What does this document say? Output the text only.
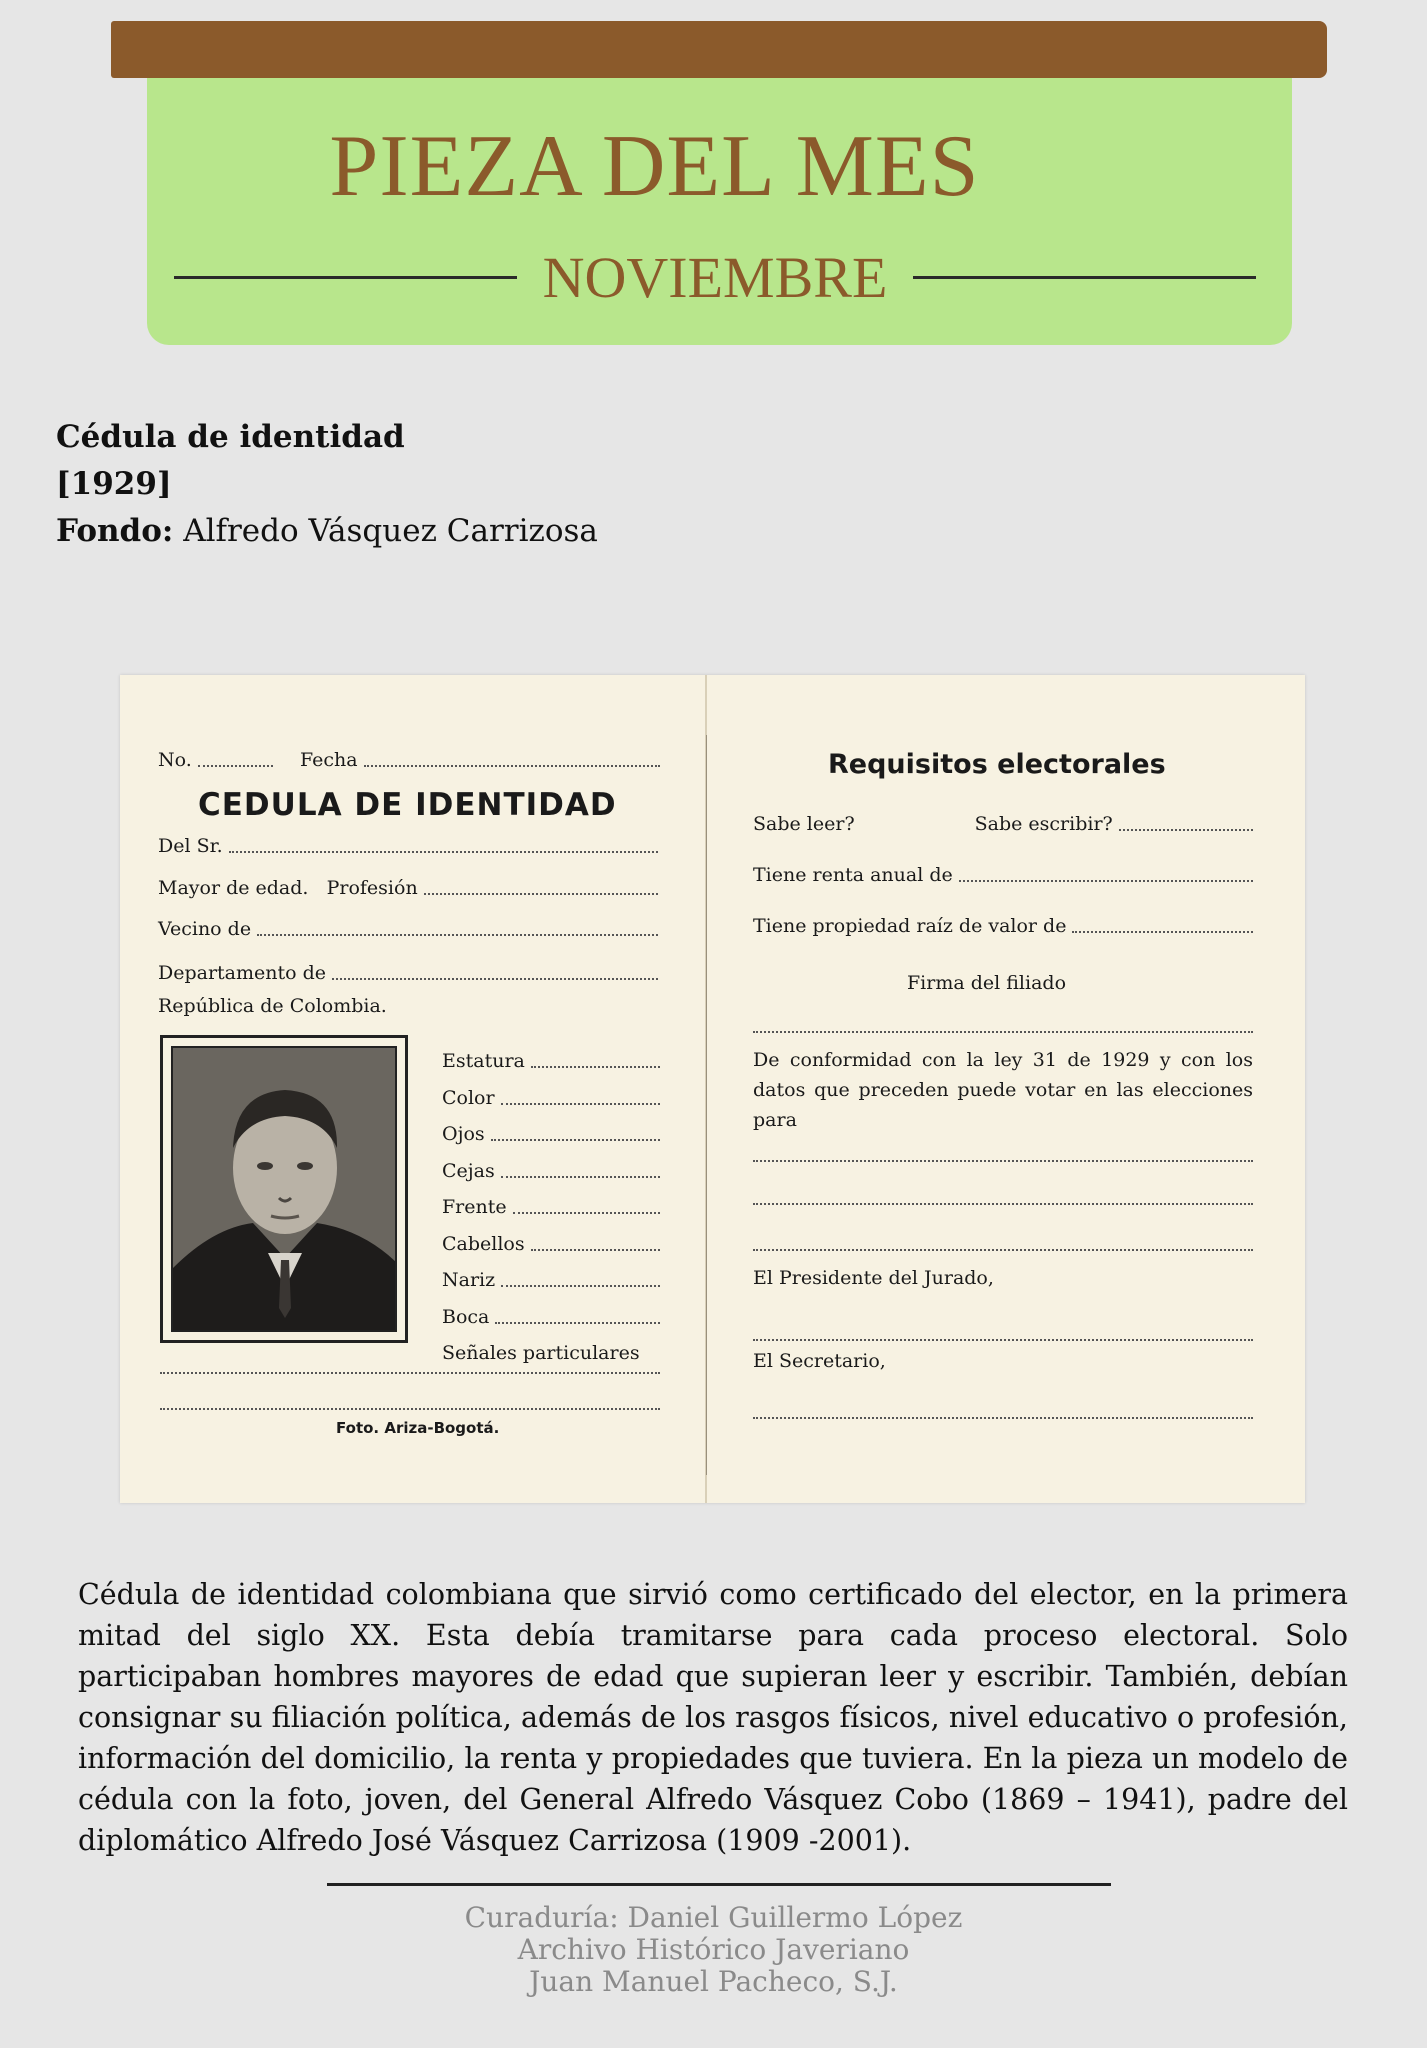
PIEZA DEL MES
NOVIEMBRE
Cédula de identidad
[1929]
Fondo: Alfredo Vásquez Carrizosa
No.	Fecha
CEDULA DE IDENTIDAD
Del Sr.
Mayor de edad.
Profesión
Vecino de
Departamento de
República de Colombia.
Estatura
Color
Ojos
Cejas
Frente
Cabellos
Nariz
Boca
Señales particulares
Foto. Ariza-Bogotá.
Requisitos electorales
Sabe leer?	Sabe escribir?
Tiene renta anual de
Tiene propiedad raíz de valor de
Firma del filiado
De conformidad con la ley 31 de 1929 y con los datos que preceden puede votar en las elecciones para
El Presidente del Jurado,
El Secretario,
Cédula de identidad colombiana que sirvió como certificado del elector, en la primera mitad del siglo XX. Esta debía tramitarse para cada proceso electoral. Solo participaban hombres mayores de edad que supieran leer y escribir. También, debían consignar su filiación política, además de los rasgos físicos, nivel educativo o profesión, información del domicilio, la renta y propiedades que tuviera. En la pieza un modelo de cédula con la foto, joven, del General Alfredo Vásquez Cobo (1869 – 1941), padre del diplomático Alfredo José Vásquez Carrizosa (1909 -2001).
Curaduría: Daniel Guillermo López
Archivo Histórico Javeriano
Juan Manuel Pacheco, S.J.
